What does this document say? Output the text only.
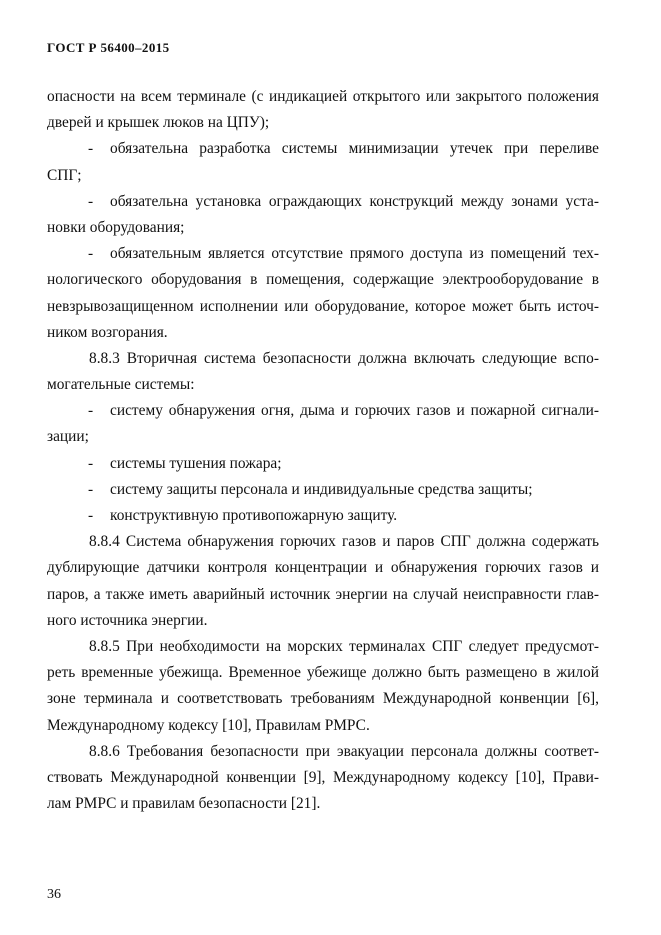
ГОСТ Р 56400–2015
опасности на всем терминале (с индикацией открытого или закрытого положения
дверей и крышек люков на ЦПУ);
-	обязательна разработка системы минимизации утечек при переливе
СПГ;
-	обязательна установка ограждающих конструкций между зонами уста-
новки оборудования;
-	обязательным является отсутствие прямого доступа из помещений тех-
нологического оборудования в помещения, содержащие электрооборудование в
невзрывозащищенном исполнении или оборудование, которое может быть источ-
ником возгорания.
8.8.3 Вторичная система безопасности должна включать следующие вспо-
могательные системы:
-	систему обнаружения огня, дыма и горючих газов и пожарной сигнали-
зации;
-	системы тушения пожара;
-	систему защиты персонала и индивидуальные средства защиты;
-	конструктивную противопожарную защиту.
8.8.4 Система обнаружения горючих газов и паров СПГ должна содержать
дублирующие датчики контроля концентрации и обнаружения горючих газов и
паров, а также иметь аварийный источник энергии на случай неисправности глав-
ного источника энергии.
8.8.5 При необходимости на морских терминалах СПГ следует предусмот-
реть временные убежища. Временное убежище должно быть размещено в жилой
зоне терминала и соответствовать требованиям Международной конвенции [6],
Международному кодексу [10], Правилам РМРС.
8.8.6 Требования безопасности при эвакуации персонала должны соответ-
ствовать Международной конвенции [9], Международному кодексу [10], Прави-
лам РМРС и правилам безопасности [21].
36
